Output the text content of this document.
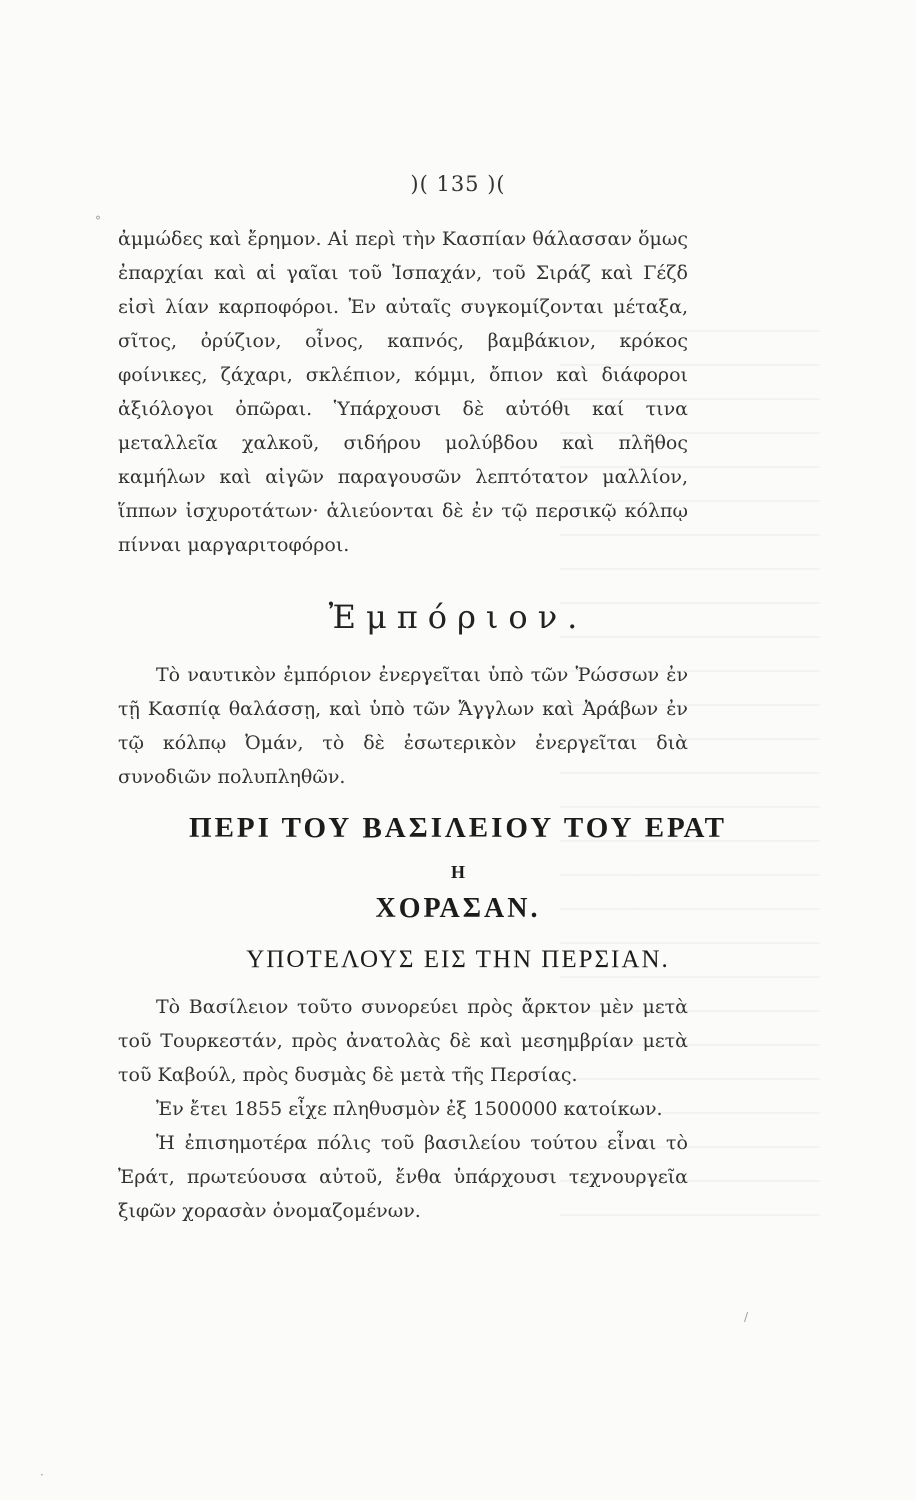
)( 135 )(

ἀμμώδες καὶ ἔρημον. Αἱ περὶ τὴν Κασπίαν θάλασσαν ὅμως ἐπαρχίαι καὶ αἱ γαῖαι τοῦ Ἰσπαχάν, τοῦ Σιράζ καὶ Γέζδ εἰσὶ λίαν καρποφόροι. Ἐν αὐταῖς συγκομίζονται μέταξα, σῖτος, ὀρύζιον, οἶνος, καπνός, βαμβάκιον, κρόκος φοίνικες, ζάχαρι, σκλέπιον, κόμμι, ὄπιον καὶ διάφοροι ἀξιόλογοι ὀπῶραι. Ὑπάρχουσι δὲ αὐτόθι καί τινα μεταλλεῖα χαλκοῦ, σιδήρου μολύβδου καὶ πλῆθος καμήλων καὶ αἰγῶν παραγουσῶν λεπτότατον μαλλίον, ἵππων ἰσχυροτάτων· ἁλιεύονται δὲ ἐν τῷ περσικῷ κόλπῳ πίνναι μαργαριτοφόροι.

Ἐμπόριον.

Τὸ ναυτικὸν ἐμπόριον ἐνεργεῖται ὑπὸ τῶν Ῥώσσων ἐν τῇ Κασπίᾳ θαλάσσῃ, καὶ ὑπὸ τῶν Ἄγγλων καὶ Ἀράβων ἐν τῷ κόλπῳ Ὀμάν, τὸ δὲ ἐσωτερικὸν ἐνεργεῖται διὰ συνοδιῶν πολυπληθῶν.

ΠΕΡΙ ΤΟΥ ΒΑΣΙΛΕΙΟΥ ΤΟΥ ΕΡΑΤ
Η
ΧΟΡΑΣΑΝ.
ΥΠΟΤΕΛΟΥΣ ΕΙΣ ΤΗΝ ΠΕΡΣΙΑΝ.

Τὸ Βασίλειον τοῦτο συνορεύει πρὸς ἄρκτον μὲν μετὰ τοῦ Τουρκεστάν, πρὸς ἀνατολὰς δὲ καὶ μεσημβρίαν μετὰ τοῦ Καβούλ, πρὸς δυσμὰς δὲ μετὰ τῆς Περσίας.

Ἐν ἔτει 1855 εἶχε πληθυσμὸν ἐξ 1500000 κατοίκων.

Ἡ ἐπισημοτέρα πόλις τοῦ βασιλείου τούτου εἶναι τὸ Ἐράτ, πρωτεύουσα αὐτοῦ, ἔνθα ὑπάρχουσι τεχνουργεῖα ξιφῶν χορασὰν ὀνομαζομένων.

°
/
·
